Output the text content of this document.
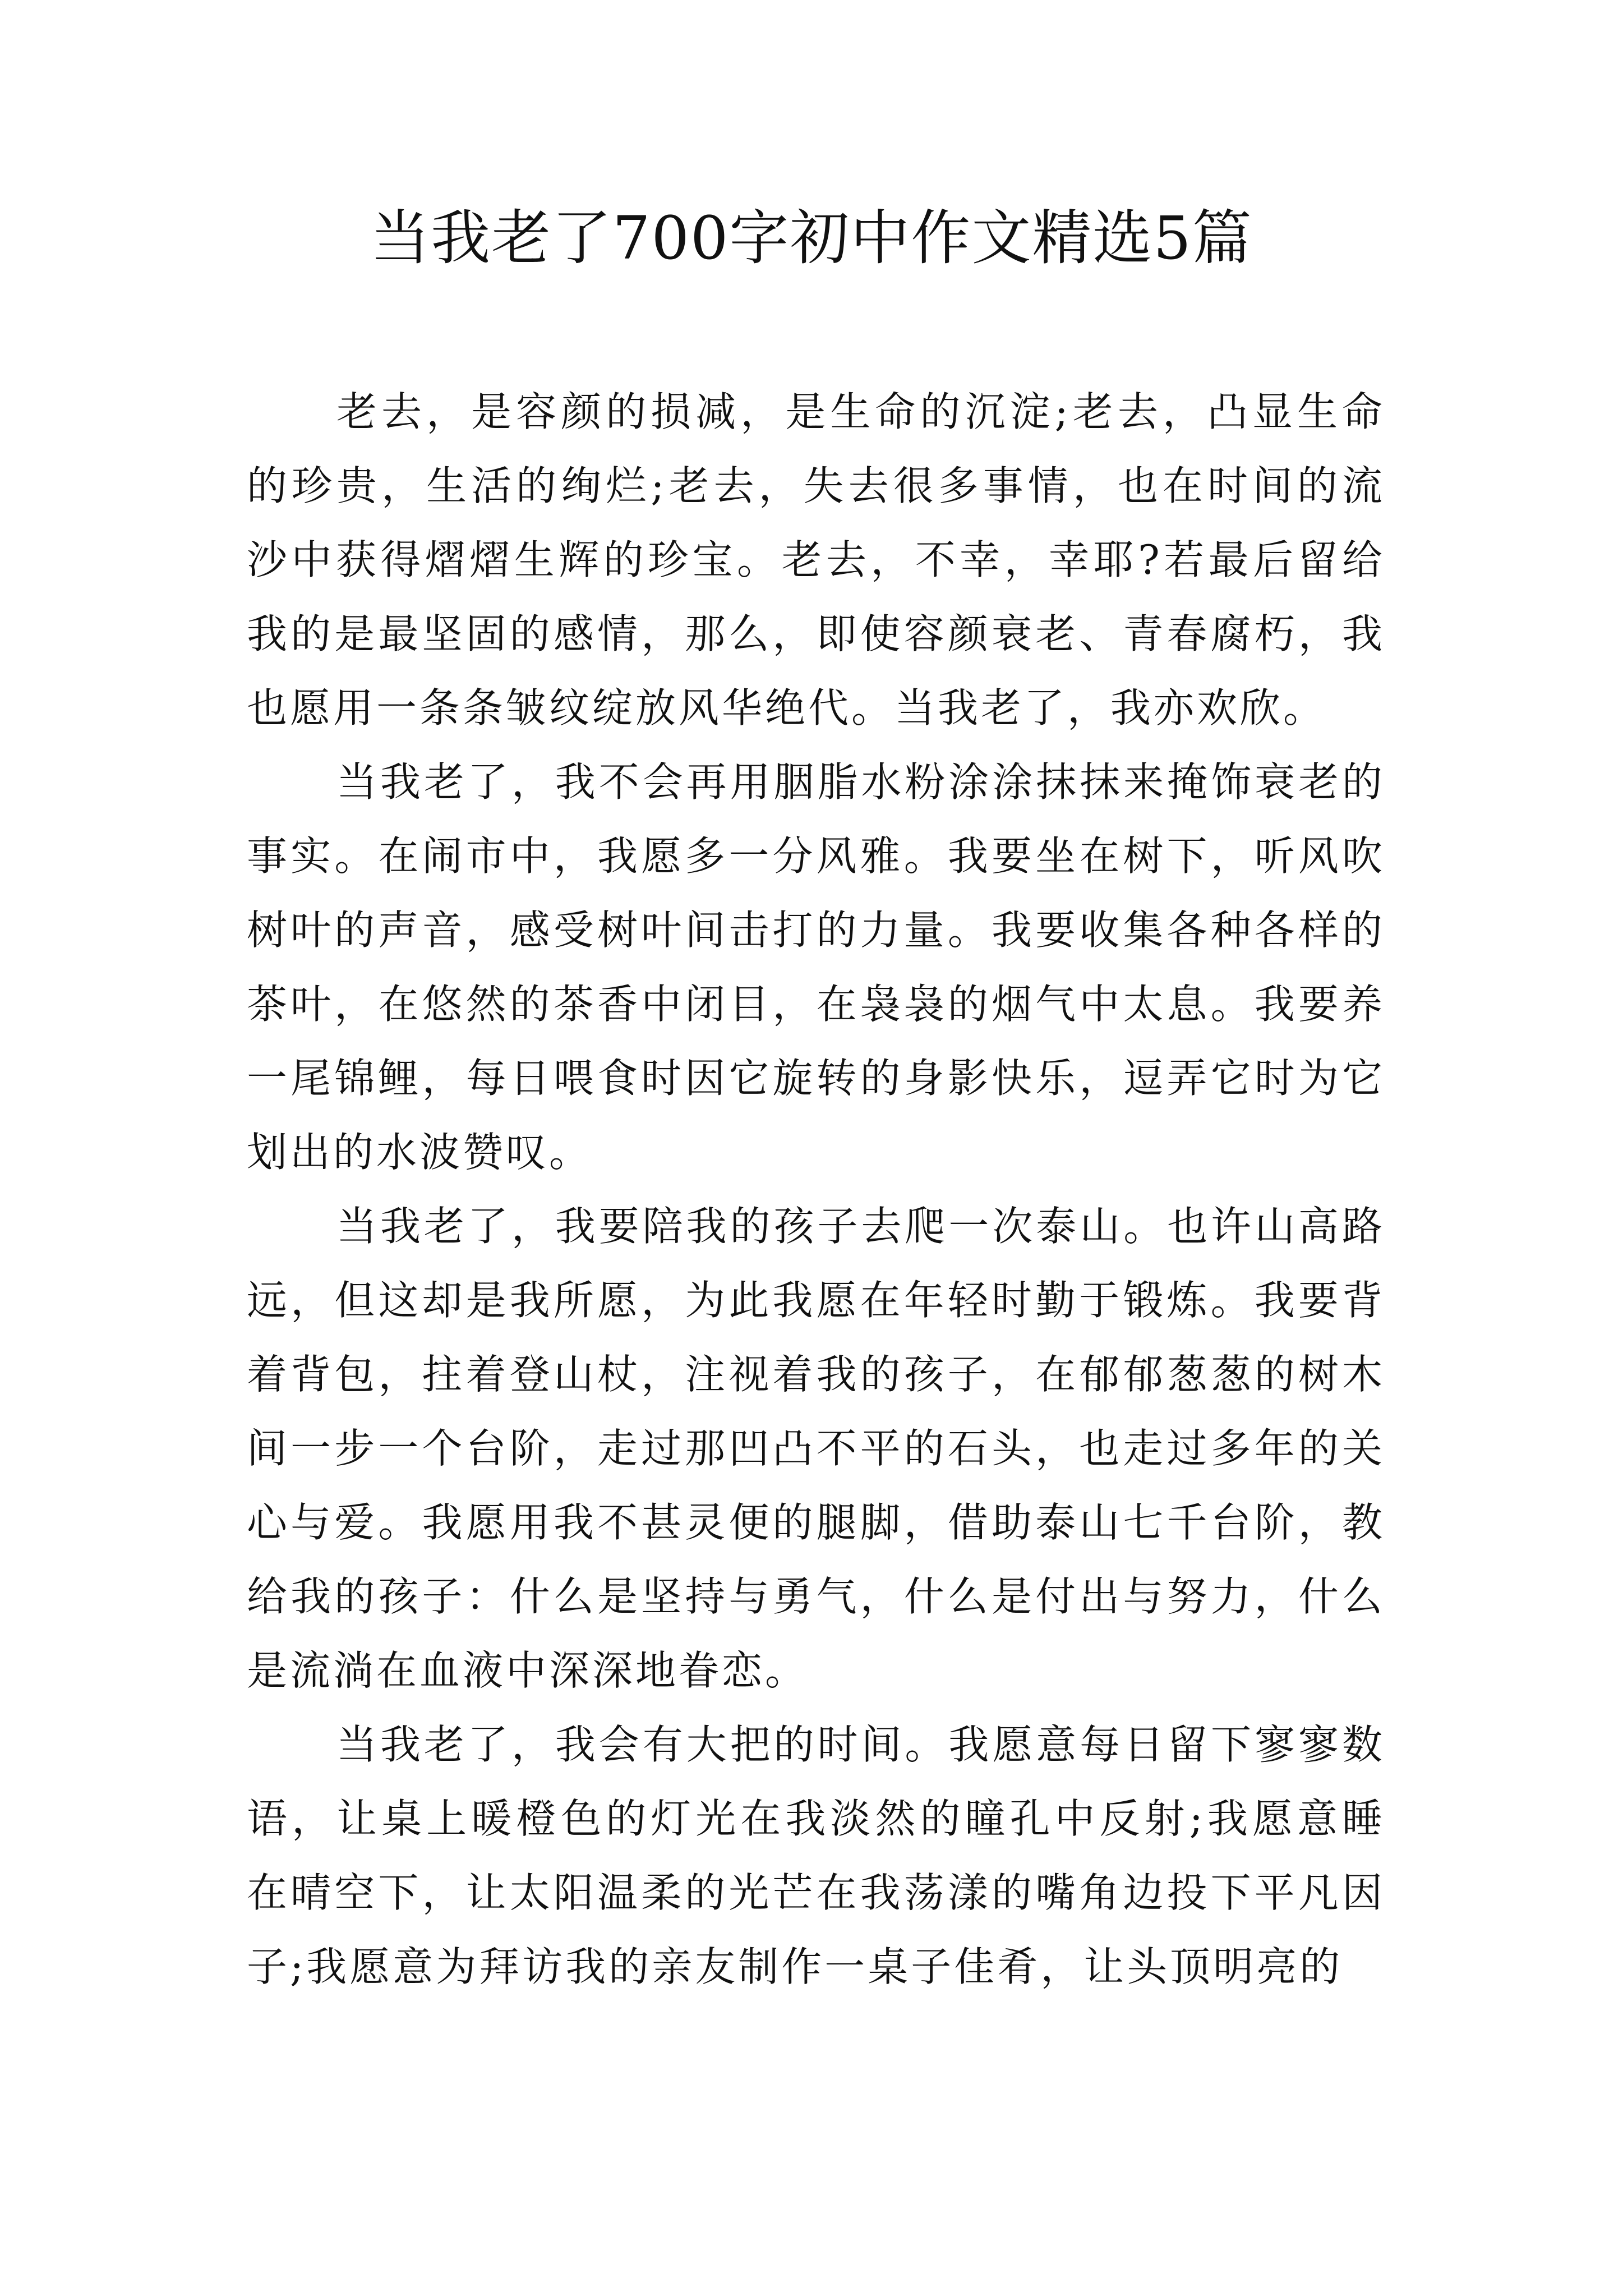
当我老了700字初中作文精选5篇

老去，是容颜的损减，是生命的沉淀;老去，凸显生命的珍贵，生活的绚烂;老去，失去很多事情，也在时间的流沙中获得熠熠生辉的珍宝。老去，不幸，幸耶?若最后留给我的是最坚固的感情，那么，即使容颜衰老、青春腐朽，我也愿用一条条皱纹绽放风华绝代。当我老了，我亦欢欣。

当我老了，我不会再用胭脂水粉涂涂抹抹来掩饰衰老的事实。在闹市中，我愿多一分风雅。我要坐在树下，听风吹树叶的声音，感受树叶间击打的力量。我要收集各种各样的茶叶，在悠然的茶香中闭目，在袅袅的烟气中太息。我要养一尾锦鲤，每日喂食时因它旋转的身影快乐，逗弄它时为它划出的水波赞叹。

当我老了，我要陪我的孩子去爬一次泰山。也许山高路远，但这却是我所愿，为此我愿在年轻时勤于锻炼。我要背着背包，拄着登山杖，注视着我的孩子，在郁郁葱葱的树木间一步一个台阶，走过那凹凸不平的石头，也走过多年的关心与爱。我愿用我不甚灵便的腿脚，借助泰山七千台阶，教给我的孩子：什么是坚持与勇气，什么是付出与努力，什么是流淌在血液中深深地眷恋。

当我老了，我会有大把的时间。我愿意每日留下寥寥数语，让桌上暖橙色的灯光在我淡然的瞳孔中反射;我愿意睡在晴空下，让太阳温柔的光芒在我荡漾的嘴角边投下平凡因子;我愿意为拜访我的亲友制作一桌子佳肴，让头顶明亮的
